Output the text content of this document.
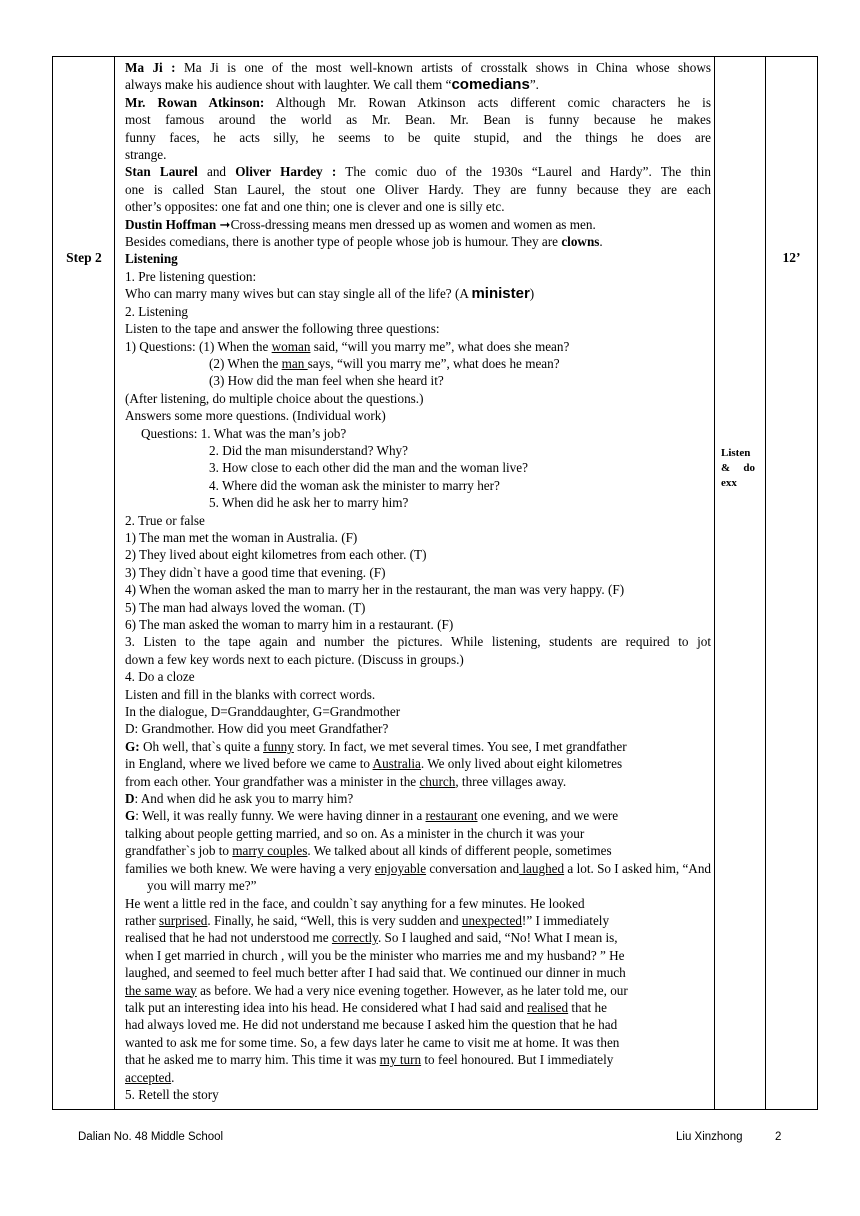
Step 2

Ma Ji : Ma Ji is one of the most well-known artists of crosstalk shows in China whose shows

always make his audience shout with laughter. We call them “comedians”.

Mr. Rowan Atkinson: Although Mr. Rowan Atkinson acts different comic characters he is

most famous around the world as Mr. Bean. Mr. Bean is funny because he makes

funny faces, he acts silly, he seems to be quite stupid, and the things he does are

strange.

Stan Laurel and Oliver Hardey : The comic duo of the 1930s “Laurel and Hardy”. The thin

one is called Stan Laurel, the stout one Oliver Hardy. They are funny because they are each

other’s opposites: one fat and one thin; one is clever and one is silly etc.

Dustin Hoffman ➞Cross-dressing means men dressed up as women and women as men.

Besides comedians, there is another type of people whose job is humour. They are clowns.

Listening

1. Pre listening question:

Who can marry many wives but can stay single all of the life? (A minister)

2. Listening

Listen to the tape and answer the following three questions:

1) Questions: (1) When the woman said, “will you marry me”, what does she mean?

(2) When the man says, “will you marry me”, what does he mean?

(3) How did the man feel when she heard it?

(After listening, do multiple choice about the questions.)

Answers some more questions. (Individual work)

Questions: 1. What was the man’s job?

2. Did the man misunderstand? Why?

3. How close to each other did the man and the woman live?

4. Where did the woman ask the minister to marry her?

5. When did he ask her to marry him?

2. True or false

1) The man met the woman in Australia. (F)

2) They lived about eight kilometres from each other. (T)

3) They didn`t have a good time that evening. (F)

4) When the woman asked the man to marry her in the restaurant, the man was very happy. (F)

5) The man had always loved the woman. (T)

6) The man asked the woman to marry him in a restaurant. (F)

3. Listen to the tape again and number the pictures. While listening, students are required to jot

down a few key words next to each picture. (Discuss in groups.)

4. Do a cloze

Listen and fill in the blanks with correct words.

In the dialogue, D=Granddaughter, G=Grandmother

D: Grandmother. How did you meet Grandfather?

G: Oh well, that`s quite a funny story. In fact, we met several times. You see, I met grandfather

in England, where we lived before we came to Australia. We only lived about eight kilometres

from each other. Your grandfather was a minister in the church, three villages away.

D: And when did he ask you to marry him?

G: Well, it was really funny. We were having dinner in a restaurant one evening, and we were

talking about people getting married, and so on. As a minister in the church it was your

grandfather`s job to marry couples. We talked about all kinds of different people, sometimes

families we both knew. We were having a very enjoyable conversation and laughed a lot. So I asked him, “And you will marry me?”

He went a little red in the face, and couldn`t say anything for a few minutes. He looked

rather surprised. Finally, he said, “Well, this is very sudden and unexpected!” I immediately

realised that he had not understood me correctly. So I laughed and said, “No! What I mean is,

when I get married in church , will you be the minister who marries me and my husband? ” He

laughed, and seemed to feel much better after I had said that. We continued our dinner in much

the same way as before. We had a very nice evening together. However, as he later told me, our

talk put an interesting idea into his head. He considered what I had said and realised that he

had always loved me. He did not understand me because I asked him the question that he had

wanted to ask me for some time. So, a few days later he came to visit me at home. It was then

that he asked me to marry him. This time it was my turn to feel honoured. But I immediately

accepted.

5. Retell the story

Listen
& do
exx
12’
Dalian No. 48 Middle School	Liu Xinzhong	2
